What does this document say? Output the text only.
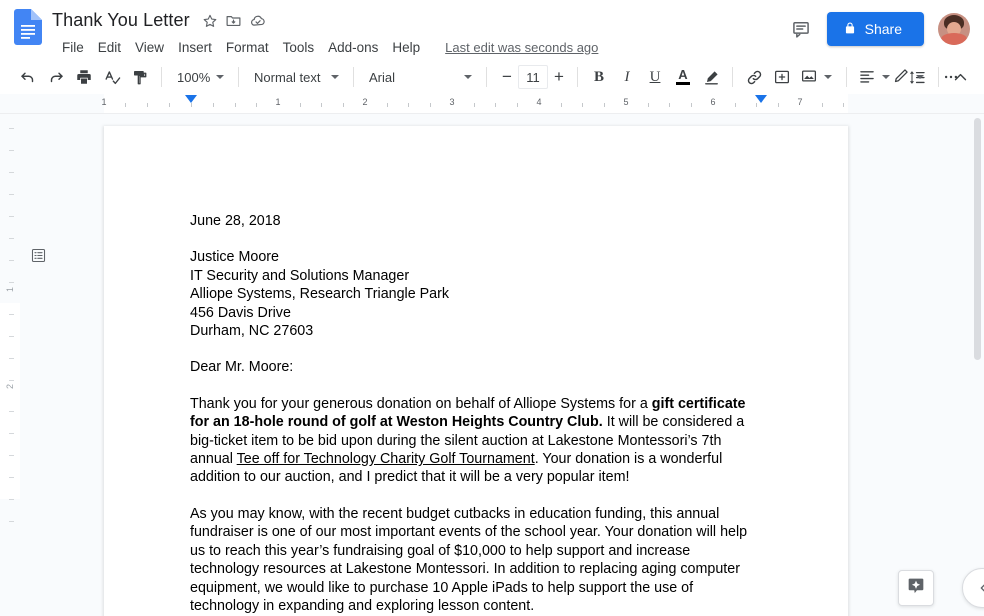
Thank You Letter
File	Edit	View	Insert	Format	Tools	Add-ons	Help	Last edit was seconds ago
Share
100%	Normal text	Arial	−	11 +	B	I	U	A
1	1	2	3	4	5	6	7
1
2

June 28, 2018

Justice Moore
IT Security and Solutions Manager
Alliope Systems, Research Triangle Park
456 Davis Drive
Durham, NC 27603

Dear Mr. Moore:

Thank you for your generous donation on behalf of Alliope Systems for a gift certificate for an 18-hole round of golf at Weston Heights Country Club. It will be considered a big-ticket item to be bid upon during the silent auction at Lakestone Montessori’s 7th annual Tee off for Technology Charity Golf Tournament. Your donation is a wonderful addition to our auction, and I predict that it will be a very popular item!

As you may know, with the recent budget cutbacks in education funding, this annual fundraiser is one of our most important events of the school year. Your donation will help us to reach this year’s fundraising goal of $10,000 to help support and increase technology resources at Lakestone Montessori. In addition to replacing aging computer equipment, we would like to purchase 10 Apple iPads to help support the use of technology in expanding and exploring lesson content.
